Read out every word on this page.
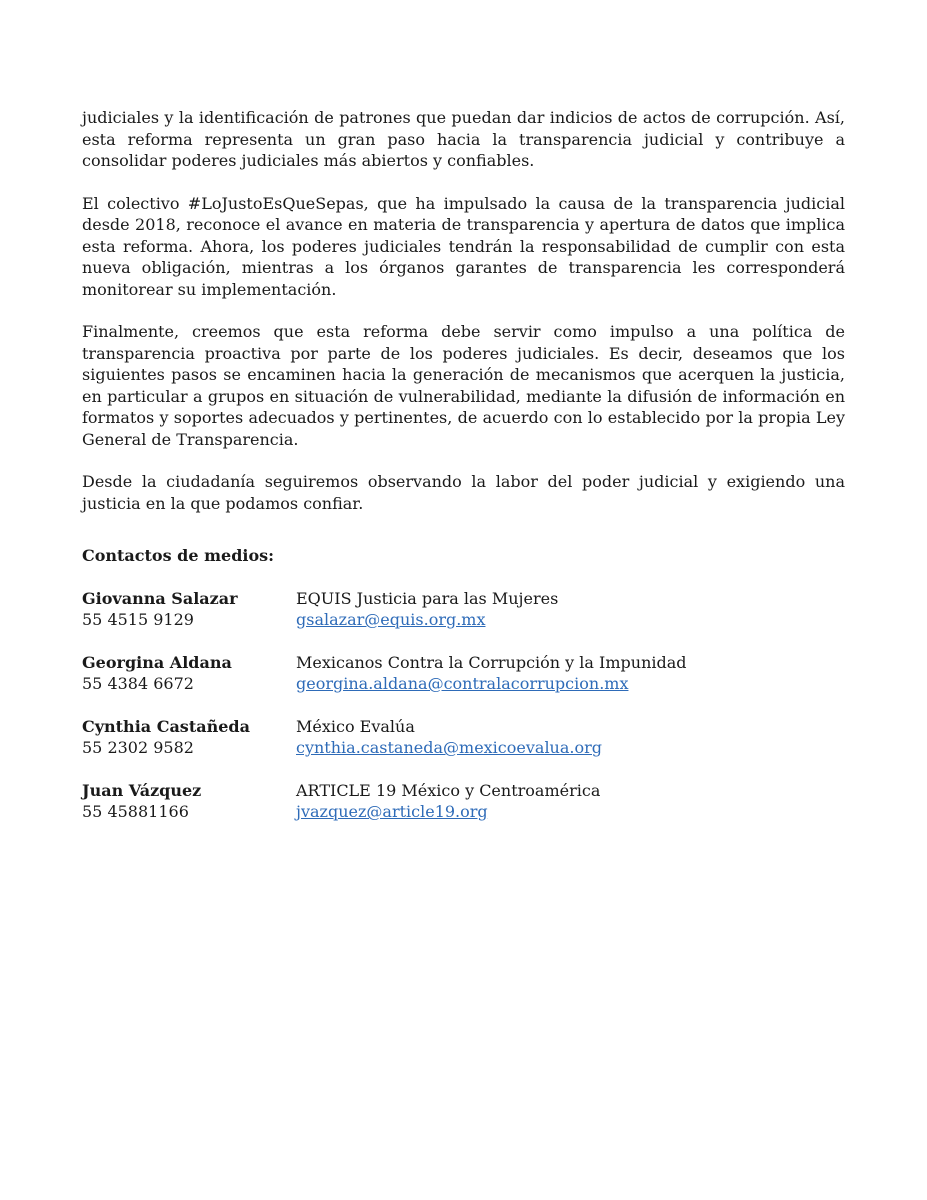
judiciales y la identificación de patrones que puedan dar indicios de actos de corrupción. Así, esta reforma representa un gran paso hacia la transparencia judicial y contribuye a consolidar poderes judiciales más abiertos y confiables.

El colectivo #LoJustoEsQueSepas, que ha impulsado la causa de la transparencia judicial desde 2018, reconoce el avance en materia de transparencia y apertura de datos que implica esta reforma. Ahora, los poderes judiciales tendrán la responsabilidad de cumplir con esta nueva obligación, mientras a los órganos garantes de transparencia les corresponderá monitorear su implementación.

Finalmente, creemos que esta reforma debe servir como impulso a una política de transparencia proactiva por parte de los poderes judiciales. Es decir, deseamos que los siguientes pasos se encaminen hacia la generación de mecanismos que acerquen la justicia, en particular a grupos en situación de vulnerabilidad, mediante la difusión de información en formatos y soportes adecuados y pertinentes, de acuerdo con lo establecido por la propia Ley General de Transparencia.

Desde la ciudadanía seguiremos observando la labor del poder judicial y exigiendo una justicia en la que podamos confiar.

Contactos de medios:
Giovanna Salazar
55 4515 9129
EQUIS Justicia para las Mujeres
gsalazar@equis.org.mx
Georgina Aldana
55 4384 6672
Mexicanos Contra la Corrupción y la Impunidad
georgina.aldana@contralacorrupcion.mx
Cynthia Castañeda
55 2302 9582
México Evalúa
cynthia.castaneda@mexicoevalua.org
Juan Vázquez
55 45881166
ARTICLE 19 México y Centroamérica
jvazquez@article19.org
